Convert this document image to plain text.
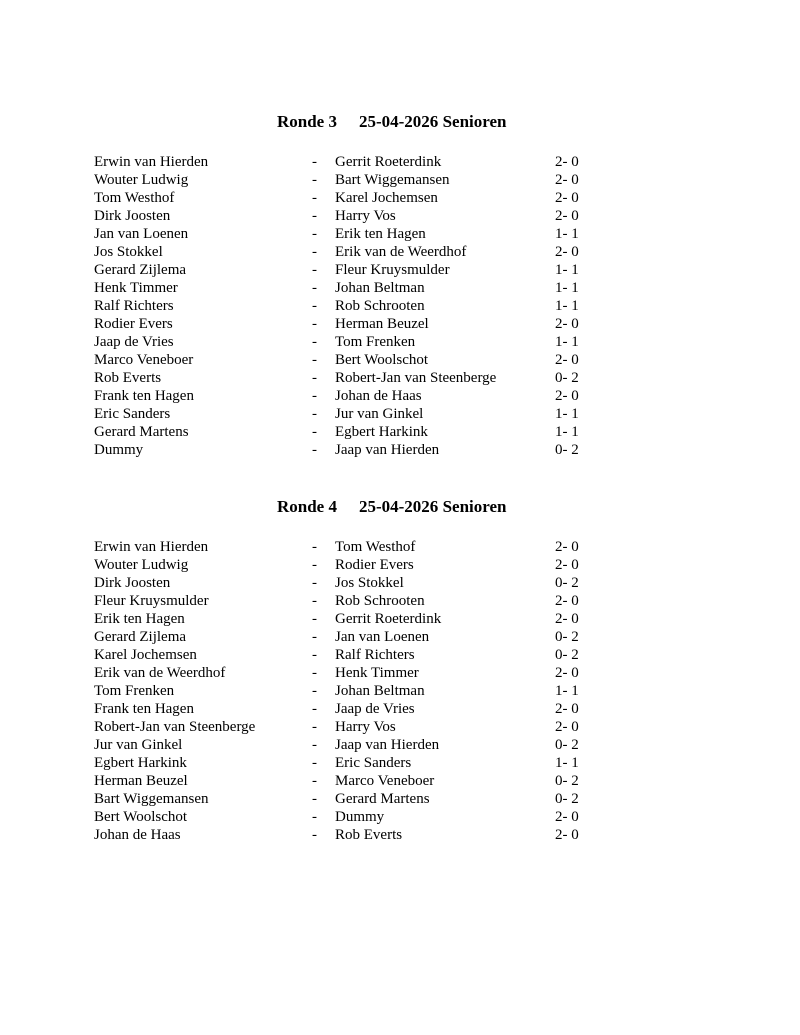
Ronde 3 25-04-2026 Senioren
Erwin van Hierden	- Gerrit Roeterdink	2- 0
Wouter Ludwig	- Bart Wiggemansen	2- 0
Tom Westhof	- Karel Jochemsen	2- 0
Dirk Joosten	- Harry Vos	2- 0
Jan van Loenen	- Erik ten Hagen	1- 1
Jos Stokkel	- Erik van de Weerdhof	2- 0
Gerard Zijlema	- Fleur Kruysmulder	1- 1
Henk Timmer	- Johan Beltman	1- 1
Ralf Richters	- Rob Schrooten	1- 1
Rodier Evers	- Herman Beuzel	2- 0
Jaap de Vries	- Tom Frenken	1- 1
Marco Veneboer	- Bert Woolschot	2- 0
Rob Everts	- Robert-Jan van Steenberge	0- 2
Frank ten Hagen	- Johan de Haas	2- 0
Eric Sanders	- Jur van Ginkel	1- 1
Gerard Martens	- Egbert Harkink	1- 1
Dummy	- Jaap van Hierden	0- 2
Ronde 4 25-04-2026 Senioren
Erwin van Hierden	- Tom Westhof	2- 0
Wouter Ludwig	- Rodier Evers	2- 0
Dirk Joosten	- Jos Stokkel	0- 2
Fleur Kruysmulder	- Rob Schrooten	2- 0
Erik ten Hagen	- Gerrit Roeterdink	2- 0
Gerard Zijlema	- Jan van Loenen	0- 2
Karel Jochemsen	- Ralf Richters	0- 2
Erik van de Weerdhof	- Henk Timmer	2- 0
Tom Frenken	- Johan Beltman	1- 1
Frank ten Hagen	- Jaap de Vries	2- 0
Robert-Jan van Steenberge	- Harry Vos	2- 0
Jur van Ginkel	- Jaap van Hierden	0- 2
Egbert Harkink	- Eric Sanders	1- 1
Herman Beuzel	- Marco Veneboer	0- 2
Bart Wiggemansen	- Gerard Martens	0- 2
Bert Woolschot	- Dummy	2- 0
Johan de Haas	- Rob Everts	2- 0
